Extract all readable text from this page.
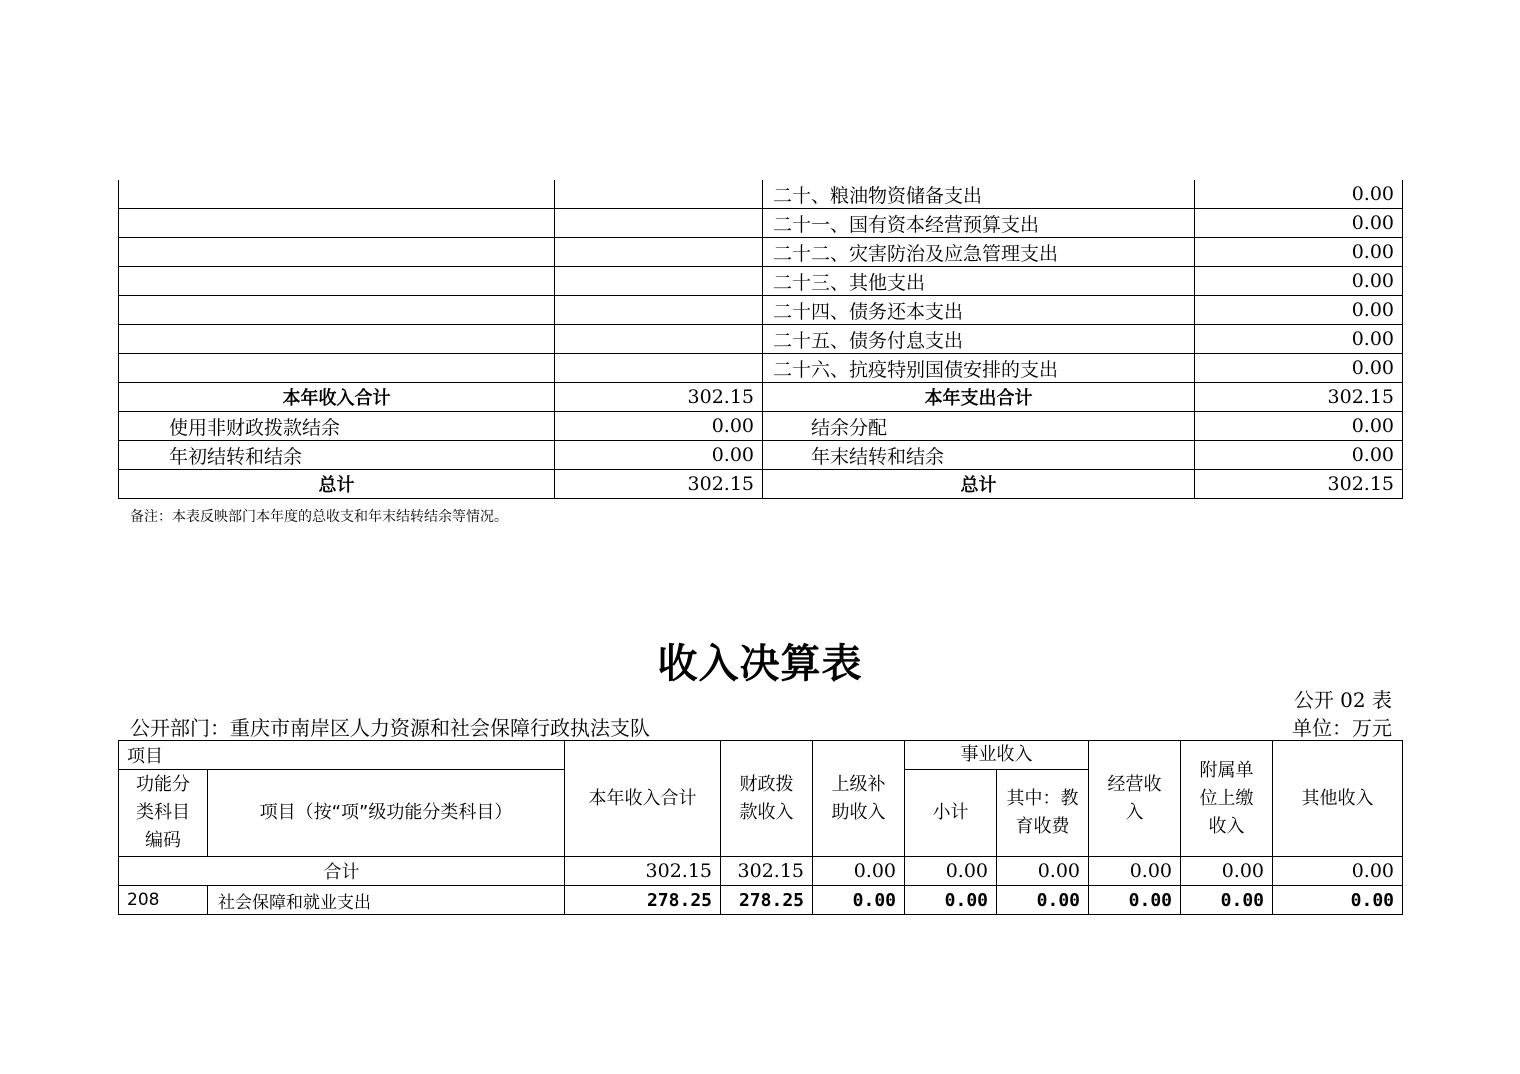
		二十、粮油物资储备支出	0.00
		二十一、国有资本经营预算支出	0.00
		二十二、灾害防治及应急管理支出	0.00
		二十三、其他支出	0.00
		二十四、债务还本支出	0.00
		二十五、债务付息支出	0.00
		二十六、抗疫特别国债安排的支出	0.00
本年收入合计	302.15	本年支出合计	302.15
使用非财政拨款结余	0.00	结余分配	0.00
年初结转和结余	0.00	年末结转和结余	0.00
总计	302.15	总计	302.15
备注：本表反映部门本年度的总收支和年末结转结余等情况。
收入决算表
公开 02 表
公开部门：重庆市南岸区人力资源和社会保障行政执法支队	单位：万元
项目		本年收入合计	财政拨款收入	上级补助收入	事业收入		经营收入	附属单位上缴收入	其他收入
功能分类科目编码	项目（按“项”级功能分类科目）				小计	其中：教育收费			
合计		302.15	302.15	0.00	0.00	0.00	0.00	0.00	0.00
208	社会保障和就业支出	278.25	278.25	0.00	0.00	0.00	0.00	0.00	0.00
